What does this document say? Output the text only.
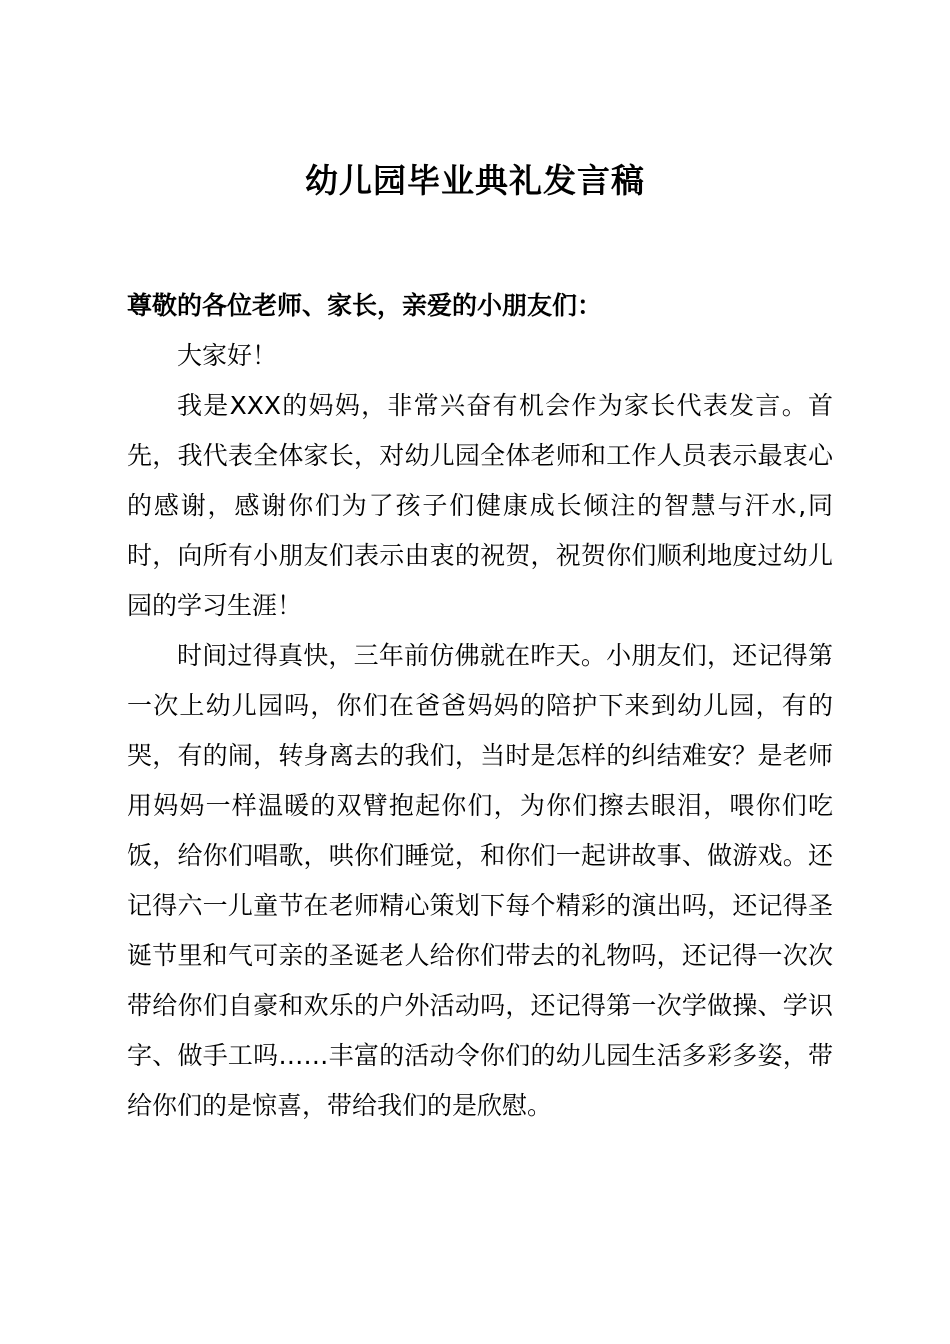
幼儿园毕业典礼发言稿

尊敬的各位老师、家长，亲爱的小朋友们：

大家好！

我是XXX的妈妈，非常兴奋有机会作为家长代表发言。首先，我代表全体家长，对幼儿园全体老师和工作人员表示最衷心的感谢，感谢你们为了孩子们健康成长倾注的智慧与汗水,同时，向所有小朋友们表示由衷的祝贺，祝贺你们顺利地度过幼儿园的学习生涯！

时间过得真快，三年前仿佛就在昨天。小朋友们，还记得第一次上幼儿园吗，你们在爸爸妈妈的陪护下来到幼儿园，有的哭，有的闹，转身离去的我们，当时是怎样的纠结难安？是老师用妈妈一样温暖的双臂抱起你们，为你们擦去眼泪，喂你们吃饭，给你们唱歌，哄你们睡觉，和你们一起讲故事、做游戏。还记得六一儿童节在老师精心策划下每个精彩的演出吗，还记得圣诞节里和气可亲的圣诞老人给你们带去的礼物吗，还记得一次次带给你们自豪和欢乐的户外活动吗，还记得第一次学做操、学识字、做手工吗……丰富的活动令你们的幼儿园生活多彩多姿，带给你们的是惊喜，带给我们的是欣慰。
